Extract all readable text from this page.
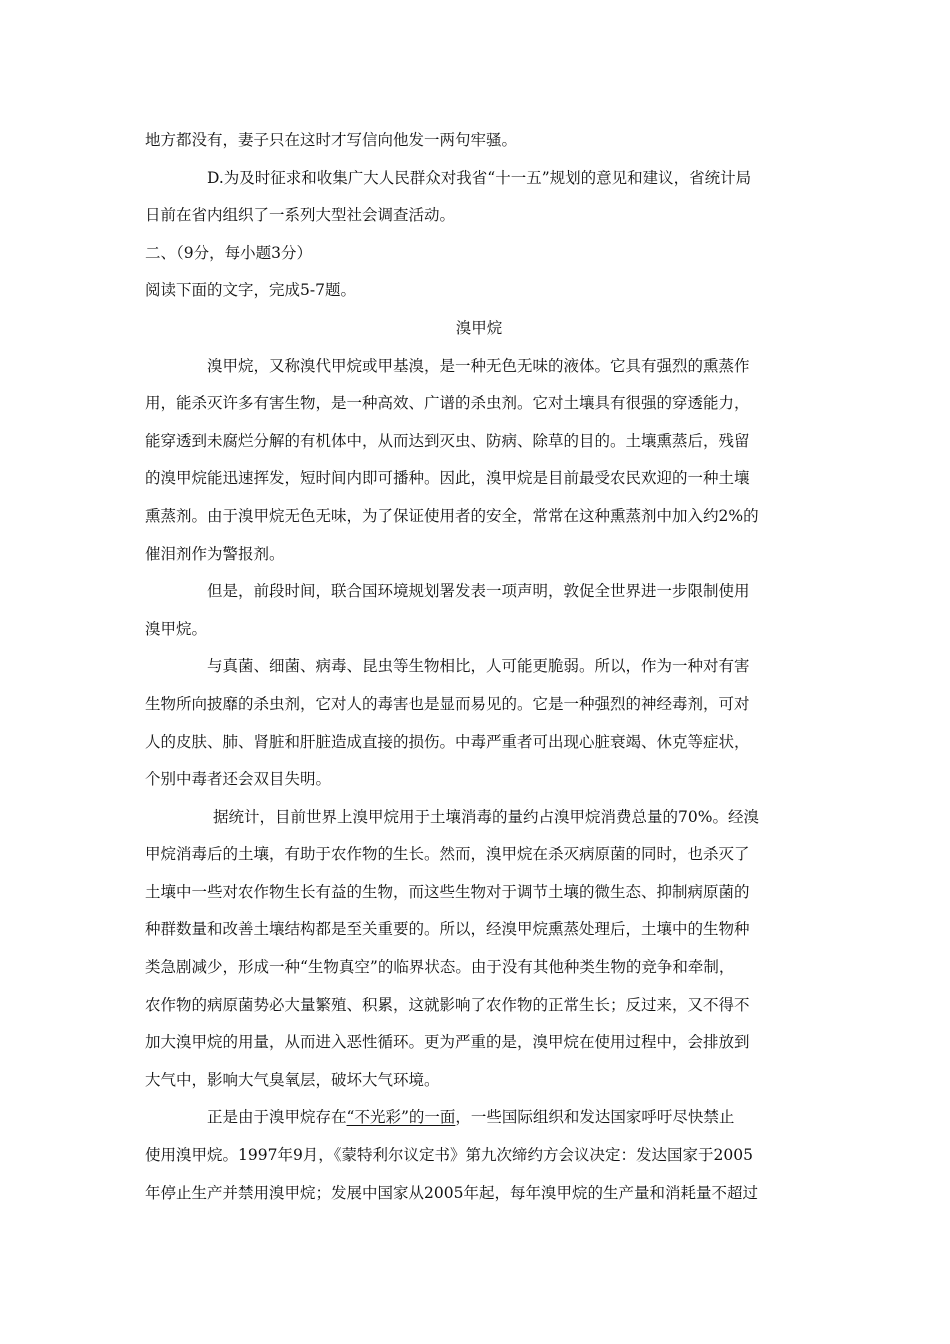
地方都没有，妻子只在这时才写信向他发一两句牢骚。

D.为及时征求和收集广大人民群众对我省“十一五”规划的意见和建议，省统计局

日前在省内组织了一系列大型社会调查活动。

二、（9分，每小题3分）

阅读下面的文字，完成5-7题。

溴甲烷

溴甲烷，又称溴代甲烷或甲基溴，是一种无色无味的液体。它具有强烈的熏蒸作

用，能杀灭许多有害生物，是一种高效、广谱的杀虫剂。它对土壤具有很强的穿透能力，

能穿透到未腐烂分解的有机体中，从而达到灭虫、防病、除草的目的。土壤熏蒸后，残留

的溴甲烷能迅速挥发，短时间内即可播种。因此，溴甲烷是目前最受农民欢迎的一种土壤

熏蒸剂。由于溴甲烷无色无味，为了保证使用者的安全，常常在这种熏蒸剂中加入约2%的

催泪剂作为警报剂。

但是，前段时间，联合国环境规划署发表一项声明，敦促全世界进一步限制使用

溴甲烷。

与真菌、细菌、病毒、昆虫等生物相比，人可能更脆弱。所以，作为一种对有害

生物所向披靡的杀虫剂，它对人的毒害也是显而易见的。它是一种强烈的神经毒剂，可对

人的皮肤、肺、肾脏和肝脏造成直接的损伤。中毒严重者可出现心脏衰竭、休克等症状，

个别中毒者还会双目失明。

据统计，目前世界上溴甲烷用于土壤消毒的量约占溴甲烷消费总量的70%。经溴

甲烷消毒后的土壤，有助于农作物的生长。然而，溴甲烷在杀灭病原菌的同时，也杀灭了

土壤中一些对农作物生长有益的生物，而这些生物对于调节土壤的微生态、抑制病原菌的

种群数量和改善土壤结构都是至关重要的。所以，经溴甲烷熏蒸处理后，土壤中的生物种

类急剧减少，形成一种“生物真空”的临界状态。由于没有其他种类生物的竞争和牵制，

农作物的病原菌势必大量繁殖、积累，这就影响了农作物的正常生长；反过来，又不得不

加大溴甲烷的用量，从而进入恶性循环。更为严重的是，溴甲烷在使用过程中，会排放到

大气中，影响大气臭氧层，破坏大气环境。

正是由于溴甲烷存在“不光彩”的一面，一些国际组织和发达国家呼吁尽快禁止

使用溴甲烷。1997年9月，《蒙特利尔议定书》第九次缔约方会议决定：发达国家于2005

年停止生产并禁用溴甲烷；发展中国家从2005年起，每年溴甲烷的生产量和消耗量不超过
